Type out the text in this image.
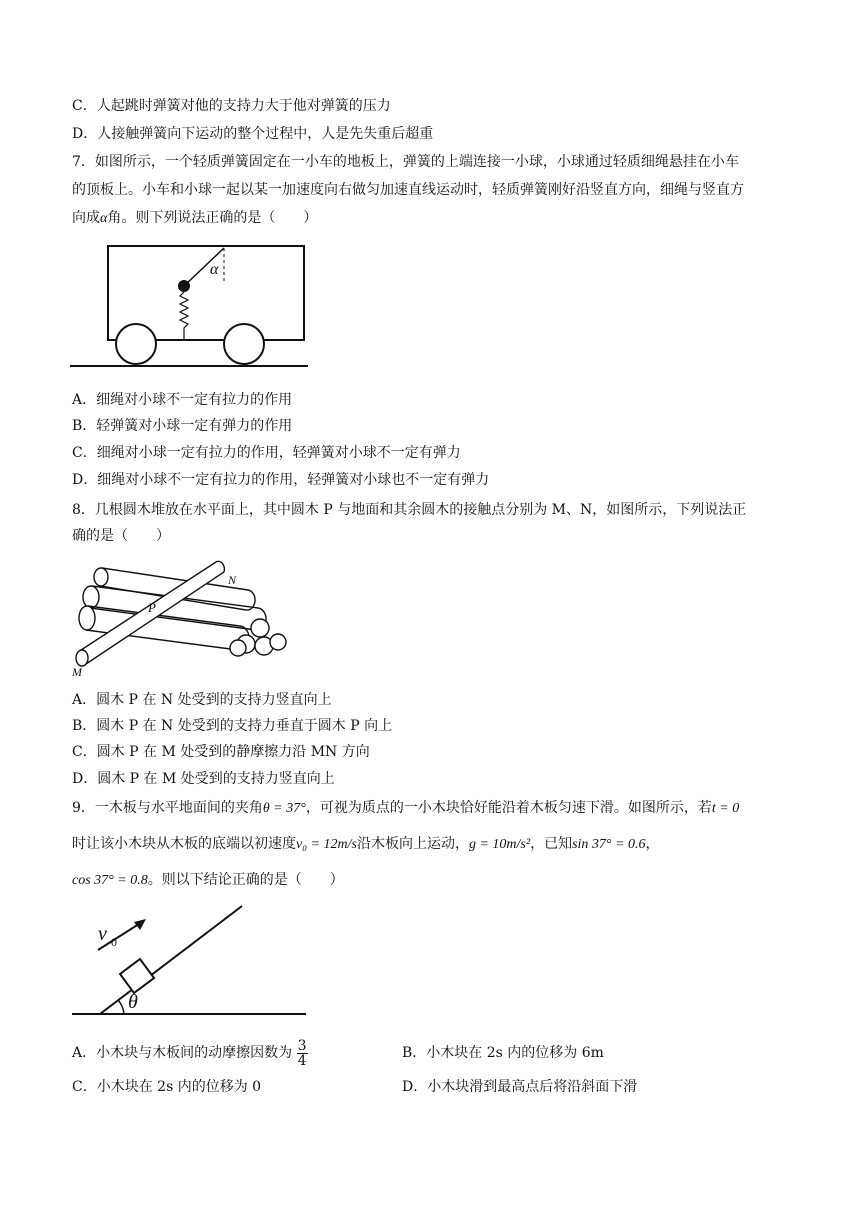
C．人起跳时弹簧对他的支持力大于他对弹簧的压力
D．人接触弹簧向下运动的整个过程中，人是先失重后超重
7．如图所示，一个轻质弹簧固定在一小车的地板上，弹簧的上端连接一小球，小球通过轻质细绳悬挂在小车
的顶板上。小车和小球一起以某一加速度向右做匀加速直线运动时，轻质弹簧刚好沿竖直方向，细绳与竖直方
向成α角。则下列说法正确的是（　　）
α
A．细绳对小球不一定有拉力的作用
B．轻弹簧对小球一定有弹力的作用
C．细绳对小球一定有拉力的作用，轻弹簧对小球不一定有弹力
D．细绳对小球不一定有拉力的作用，轻弹簧对小球也不一定有弹力
8．几根圆木堆放在水平面上，其中圆木 P 与地面和其余圆木的接触点分别为 M、N，如图所示，下列说法正
确的是（　　）
P
M
N
A．圆木 P 在 N 处受到的支持力竖直向上
B．圆木 P 在 N 处受到的支持力垂直于圆木 P 向上
C．圆木 P 在 M 处受到的静摩擦力沿 MN 方向
D．圆木 P 在 M 处受到的支持力竖直向上
9．一木板与水平地面间的夹角θ = 37°，可视为质点的一小木块恰好能沿着木板匀速下滑。如图所示，若t = 0
时让该小木块从木板的底端以初速度v₀ = 12m/s沿木板向上运动，g = 10m/s²，已知sin 37° = 0.6，
cos 37° = 0.8。则以下结论正确的是（　　）
v 0
θ
A．小木块与木板间的动摩擦因数为 $\frac{3}{4}$	B．小木块在 2s 内的位移为 6m
C．小木块在 2s 内的位移为 0	D．小木块滑到最高点后将沿斜面下滑
